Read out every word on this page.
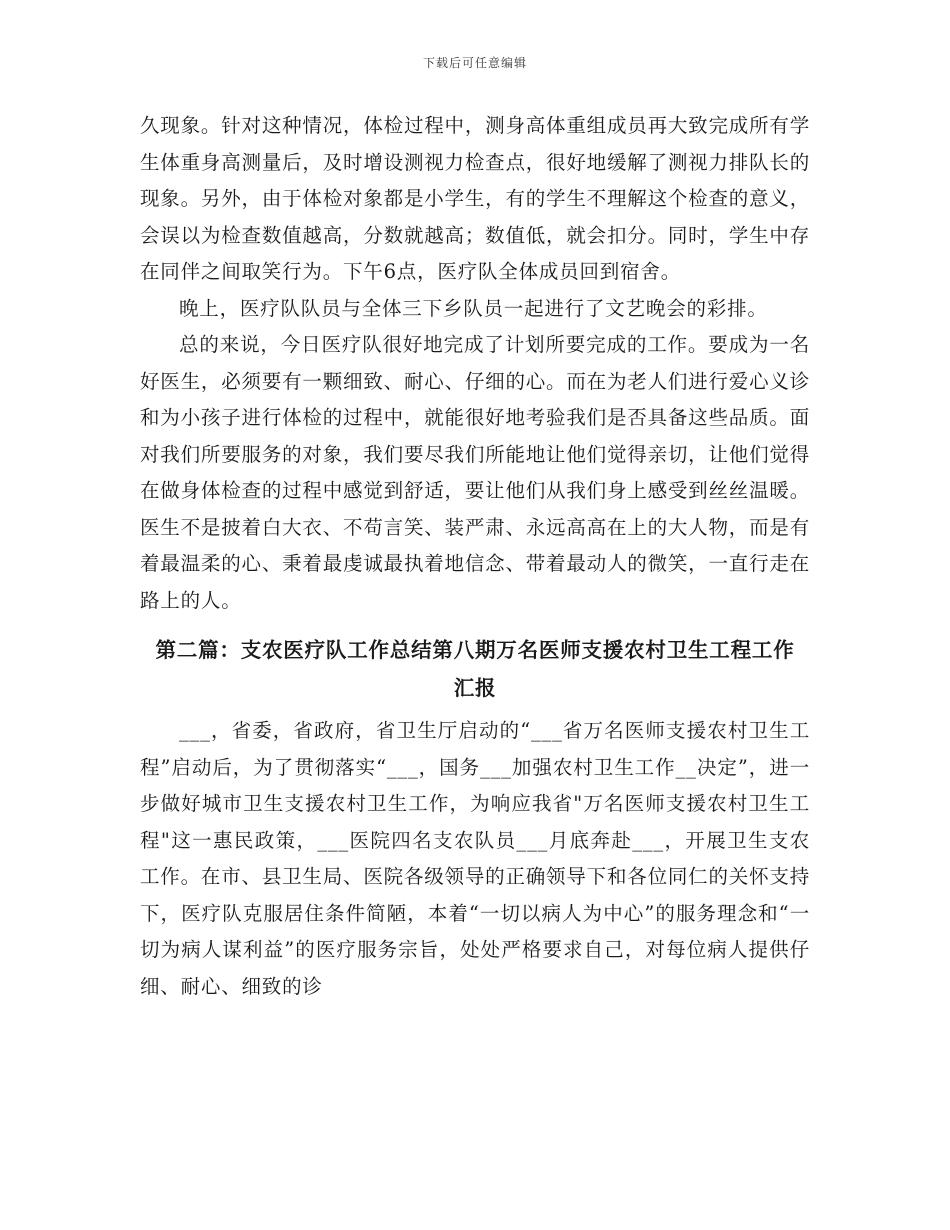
下载后可任意编辑

久现象。针对这种情况，体检过程中，测身高体重组成员再大致完成所有学生体重身高测量后，及时增设测视力检查点，很好地缓解了测视力排队长的现象。另外，由于体检对象都是小学生，有的学生不理解这个检查的意义，会误以为检查数值越高，分数就越高；数值低，就会扣分。同时，学生中存在同伴之间取笑行为。下午6点，医疗队全体成员回到宿舍。

晚上，医疗队队员与全体三下乡队员一起进行了文艺晚会的彩排。

总的来说，今日医疗队很好地完成了计划所要完成的工作。要成为一名好医生，必须要有一颗细致、耐心、仔细的心。而在为老人们进行爱心义诊和为小孩子进行体检的过程中，就能很好地考验我们是否具备这些品质。面对我们所要服务的对象，我们要尽我们所能地让他们觉得亲切，让他们觉得在做身体检查的过程中感觉到舒适，要让他们从我们身上感受到丝丝温暖。医生不是披着白大衣、不苟言笑、装严肃、永远高高在上的大人物，而是有着最温柔的心、秉着最虔诚最执着地信念、带着最动人的微笑，一直行走在路上的人。

第二篇：支农医疗队工作总结第八期万名医师支援农村卫生工程工作汇报

___，省委，省政府，省卫生厅启动的“___省万名医师支援农村卫生工程”启动后，为了贯彻落实“___，国务___加强农村卫生工作__决定”，进一步做好城市卫生支援农村卫生工作，为响应我省"万名医师支援农村卫生工程"这一惠民政策，___医院四名支农队员___月底奔赴___，开展卫生支农工作。在市、县卫生局、医院各级领导的正确领导下和各位同仁的关怀支持下，医疗队克服居住条件简陋，本着“一切以病人为中心”的服务理念和“一切为病人谋利益”的医疗服务宗旨，处处严格要求自己，对每位病人提供仔细、耐心、细致的诊
